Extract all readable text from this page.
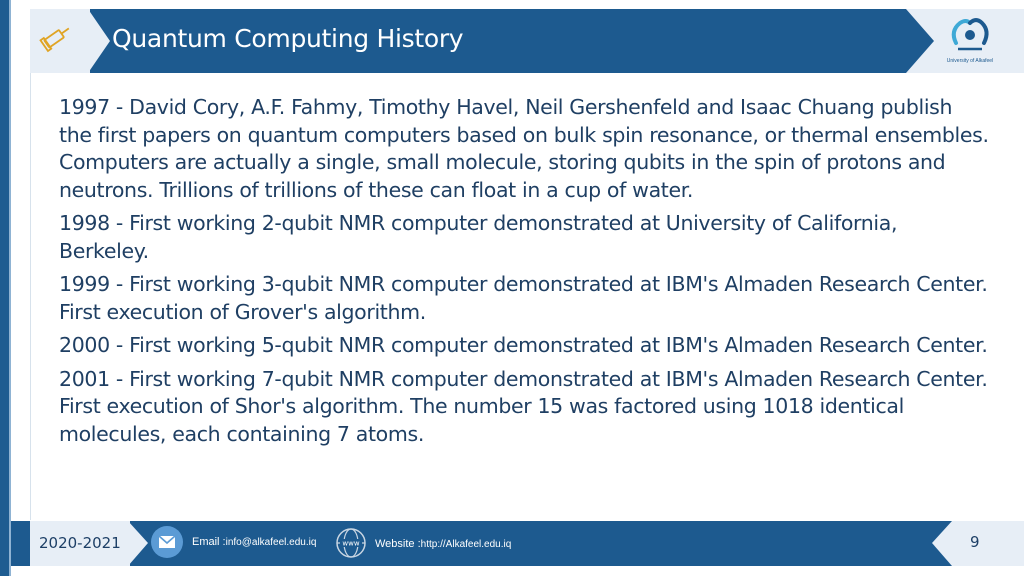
Quantum Computing History
University of Alkafeel

1997 - David Cory, A.F. Fahmy, Timothy Havel, Neil Gershenfeld and Isaac Chuang publish the first papers on quantum computers based on bulk spin resonance, or thermal ensembles. Computers are actually a single, small molecule, storing qubits in the spin of protons and neutrons. Trillions of trillions of these can float in a cup of water.

1998 - First working 2-qubit NMR computer demonstrated at University of California, Berkeley.

1999 - First working 3-qubit NMR computer demonstrated at IBM's Almaden Research Center. First execution of Grover's algorithm.

2000 - First working 5-qubit NMR computer demonstrated at IBM's Almaden Research Center.

2001 - First working 7-qubit NMR computer demonstrated at IBM's Almaden Research Center.

First execution of Shor's algorithm. The number 15 was factored using 1018 identical molecules, each containing 7 atoms.

2020-2021	Email :info@alkafeel.edu.iq	www Website :http://Alkafeel.edu.iq	9
